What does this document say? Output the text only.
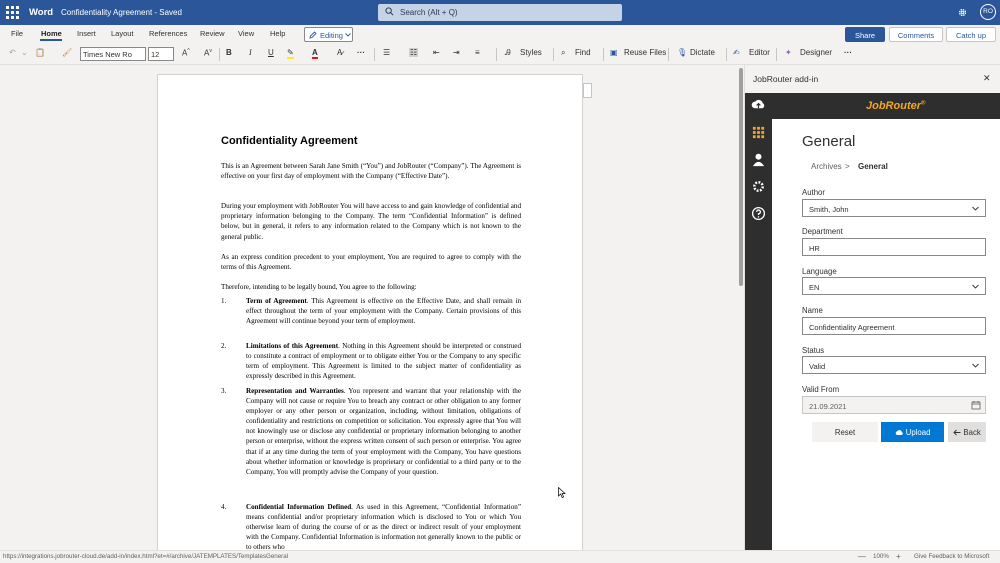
Word Confidentiality Agreement - Saved	Search (Alt + Q)	RO
File Home Insert Layout References Review View Help	Editing	Share	Comments	Catch up
↶ ⌄ 📋 🖌	Times New Ro	12	A^ $A^v$ B I U ✎ A A̷ ··· ☰ ☷ ⇤ ⇥ ≡	Ꭿ Styles ⌕ Find ▣ Reuse Files 🎙 Dictate ✍ Editor ✦ Designer ···
Confidentiality Agreement
This is an Agreement between Sarah Jane Smith (“You”) and JobRouter (“Company”). The Agreement is effective on your first day of employment with the Company (“Effective Date”).
During your employment with JobRouter You will have access to and gain knowledge of confidential and proprietary information belonging to the Company. The term “Confidential Information” is defined below, but in general, it refers to any information related to the Company which is not known to the general public.
As an express condition precedent to your employment, You are required to agree to comply with the terms of this Agreement.
Therefore, intending to be legally bound, You agree to the following:
1.	Term of Agreement. This Agreement is effective on the Effective Date, and shall remain in effect throughout the term of your employment with the Company. Certain provisions of this Agreement will continue beyond your term of employment.
2.	Limitations of this Agreement. Nothing in this Agreement should be interpreted or construed to constitute a contract of employment or to obligate either You or the Company to any specific term of employment. This Agreement is limited to the subject matter of confidentiality as expressly described in this Agreement.
3.	Representation and Warranties. You represent and warrant that your relationship with the Company will not cause or require You to breach any contract or other obligation to any former employer or any other person or organization, including, without limitation, obligations of confidentiality and restrictions on competition or solicitation. You expressly agree that You will not knowingly use or disclose any confidential or proprietary information belonging to another person or enterprise, without the express written consent of such person or enterprise. You agree that if at any time during the term of your employment with the Company, You have questions about whether information or knowledge is proprietary or confidential to a third party or to the Company, You will promptly advise the Company of your question.
4.	Confidential Information Defined. As used in this Agreement, “Confidential Information” means confidential and/or proprietary information which is disclosed to You or which You otherwise learn of during the course of or as the direct or indirect result of your employment with the Company. Confidential Information is information not generally known to the public or to others who
https://integrations.jobrouter-cloud.de/add-in/index.html?et=#/archive/JATEMPLATES/TemplatesGeneral	— 100% + Give Feedback to Microsoft
JobRouter add-in	✕
JobRouter®
General
Archives > General
Author
Smith, John
Department
HR
Language
EN
Name
Confidentiality Agreement
Status
Valid
Valid From
21.09.2021
Reset	Upload	Back
